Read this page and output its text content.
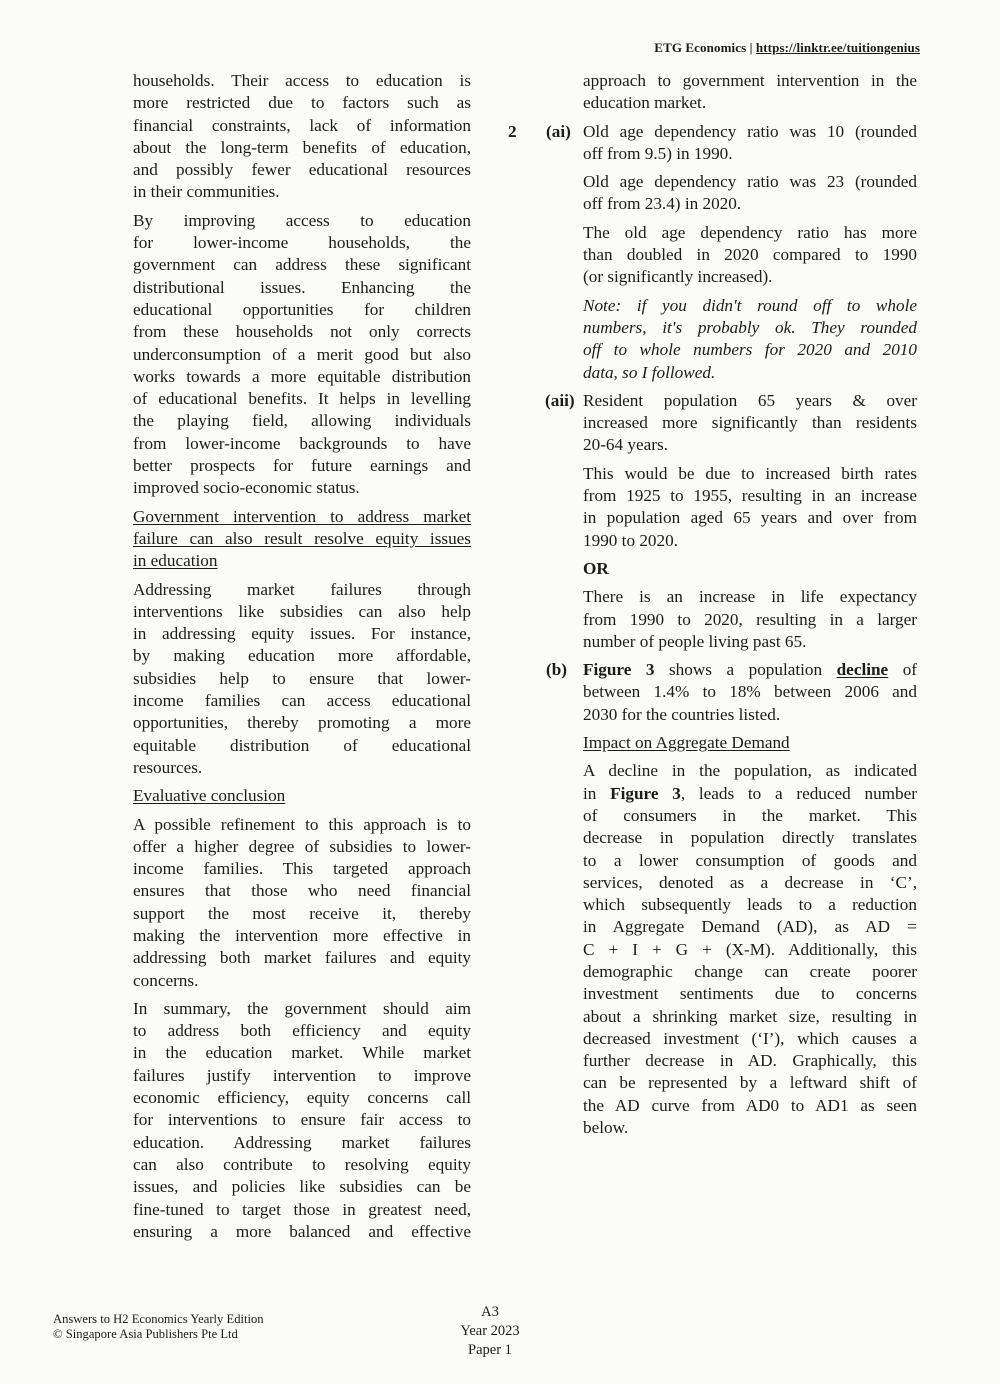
ETG Economics | https://linktr.ee/tuitiongenius
households. Their access to education is
more restricted due to factors such as
financial constraints, lack of information
about the long-term benefits of education,
and possibly fewer educational resources
in their communities.
By improving access to education
for lower-income households, the
government can address these significant
distributional issues. Enhancing the
educational opportunities for children
from these households not only corrects
underconsumption of a merit good but also
works towards a more equitable distribution
of educational benefits. It helps in levelling
the playing field, allowing individuals
from lower-income backgrounds to have
better prospects for future earnings and
improved socio-economic status.
Government intervention to address market
failure can also result resolve equity issues
in education
Addressing market failures through
interventions like subsidies can also help
in addressing equity issues. For instance,
by making education more affordable,
subsidies help to ensure that lower-
income families can access educational
opportunities, thereby promoting a more
equitable distribution of educational
resources.
Evaluative conclusion
A possible refinement to this approach is to
offer a higher degree of subsidies to lower-
income families. This targeted approach
ensures that those who need financial
support the most receive it, thereby
making the intervention more effective in
addressing both market failures and equity
concerns.
In summary, the government should aim
to address both efficiency and equity
in the education market. While market
failures justify intervention to improve
economic efficiency, equity concerns call
for interventions to ensure fair access to
education. Addressing market failures
can also contribute to resolving equity
issues, and policies like subsidies can be
fine-tuned to target those in greatest need,
ensuring a more balanced and effective
approach to government intervention in the
education market.
2 (ai) Old age dependency ratio was 10 (rounded
off from 9.5) in 1990.
Old age dependency ratio was 23 (rounded
off from 23.4) in 2020.
The old age dependency ratio has more
than doubled in 2020 compared to 1990
(or significantly increased).
Note: if you didn't round off to whole
numbers, it's probably ok. They rounded
off to whole numbers for 2020 and 2010
data, so I followed.
(aii) Resident population 65 years & over
increased more significantly than residents
20-64 years.
This would be due to increased birth rates
from 1925 to 1955, resulting in an increase
in population aged 65 years and over from
1990 to 2020.
OR
There is an increase in life expectancy
from 1990 to 2020, resulting in a larger
number of people living past 65.
(b) Figure 3 shows a population decline of
between 1.4% to 18% between 2006 and
2030 for the countries listed.
Impact on Aggregate Demand
A decline in the population, as indicated
in Figure 3, leads to a reduced number
of consumers in the market. This
decrease in population directly translates
to a lower consumption of goods and
services, denoted as a decrease in ‘C’,
which subsequently leads to a reduction
in Aggregate Demand (AD), as AD =
C + I + G + (X-M). Additionally, this
demographic change can create poorer
investment sentiments due to concerns
about a shrinking market size, resulting in
decreased investment (‘I’), which causes a
further decrease in AD. Graphically, this
can be represented by a leftward shift of
the AD curve from AD0 to AD1 as seen
below.
Answers to H2 Economics Yearly Edition
© Singapore Asia Publishers Pte Ltd
A3
Year 2023
Paper 1
